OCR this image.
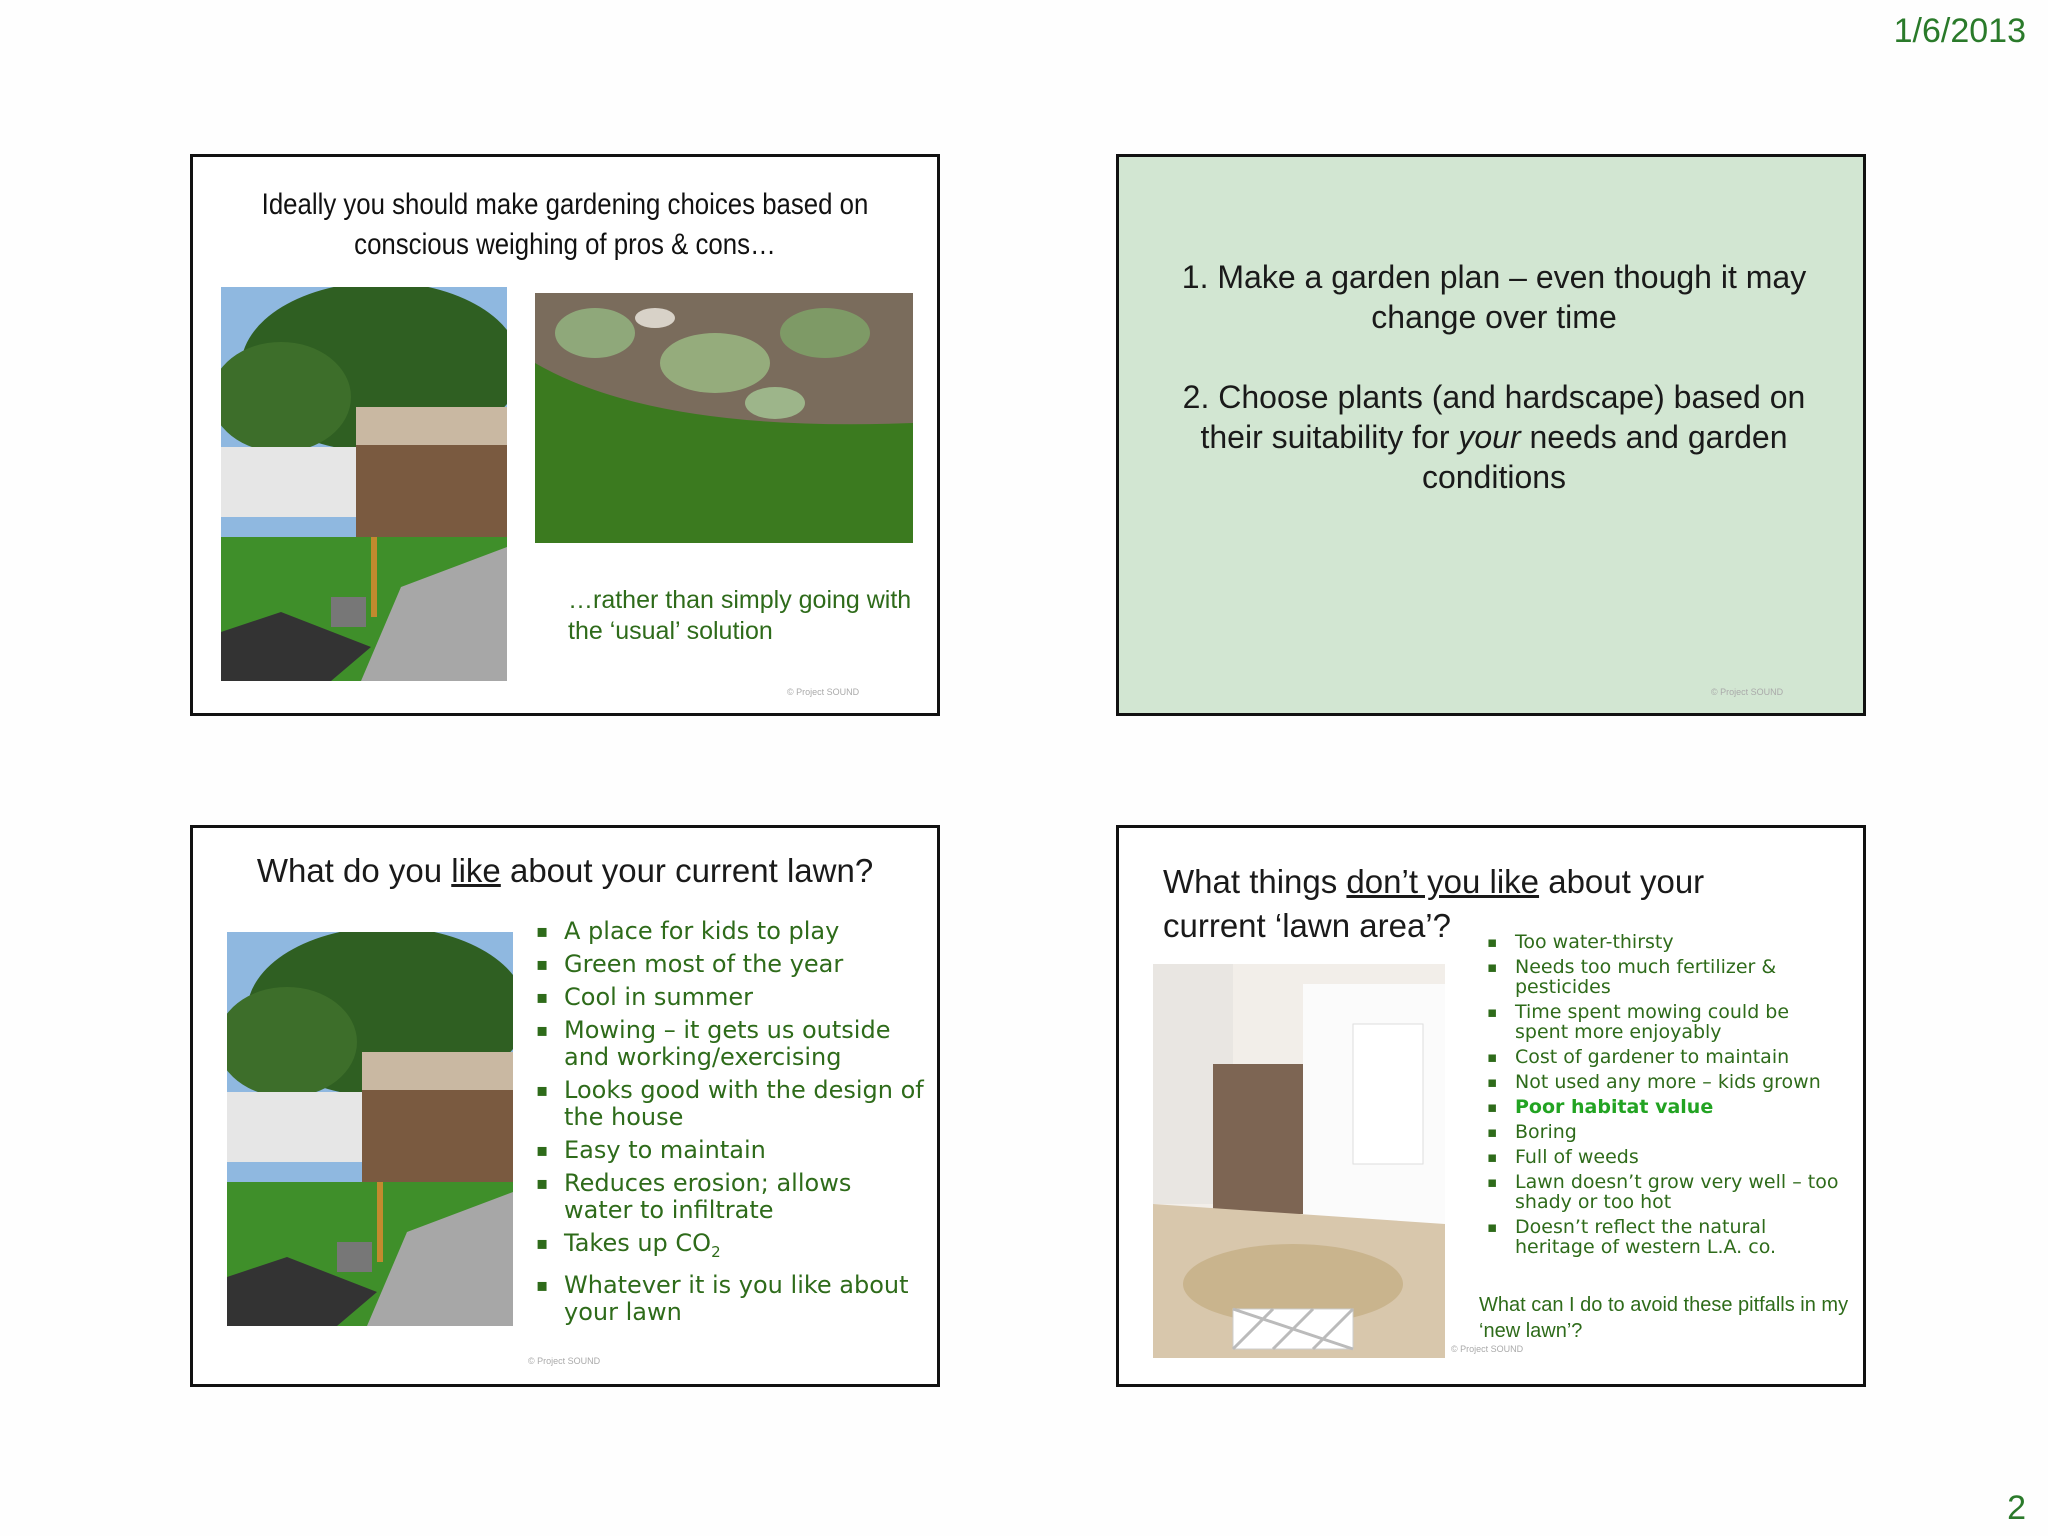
1/6/2013
Ideally you should make gardening choices based on conscious weighing of pros & cons…
…rather than simply going with the ‘usual’ solution
© Project SOUND

1. Make a garden plan – even though it may change over time

2. Choose plants (and hardscape) based on their suitability for your needs and garden conditions

© Project SOUND
What do you like about your current lawn?
▪ A place for kids to play
▪ Green most of the year
▪ Cool in summer
▪ Mowing – it gets us outside and working/exercising
▪ Looks good with the design of the house
▪ Easy to maintain
▪ Reduces erosion; allows water to infiltrate
▪ Takes up $CO_2$
▪ Whatever it is you like about your lawn
© Project SOUND
What things don’t you like about your current ‘lawn area’?
▪	Too water-thirsty
▪ Needs too much fertilizer & pesticides
▪ Time spent mowing could be spent more enjoyably
▪ Cost of gardener to maintain
▪ Not used any more – kids grown
▪ Poor habitat value
▪ Boring
▪ Full of weeds
▪ Lawn doesn’t grow very well – too shady or too hot
▪ Doesn’t reflect the natural heritage of western L.A. co.
What can I do to avoid these pitfalls in my ‘new lawn’?
© Project SOUND
2
